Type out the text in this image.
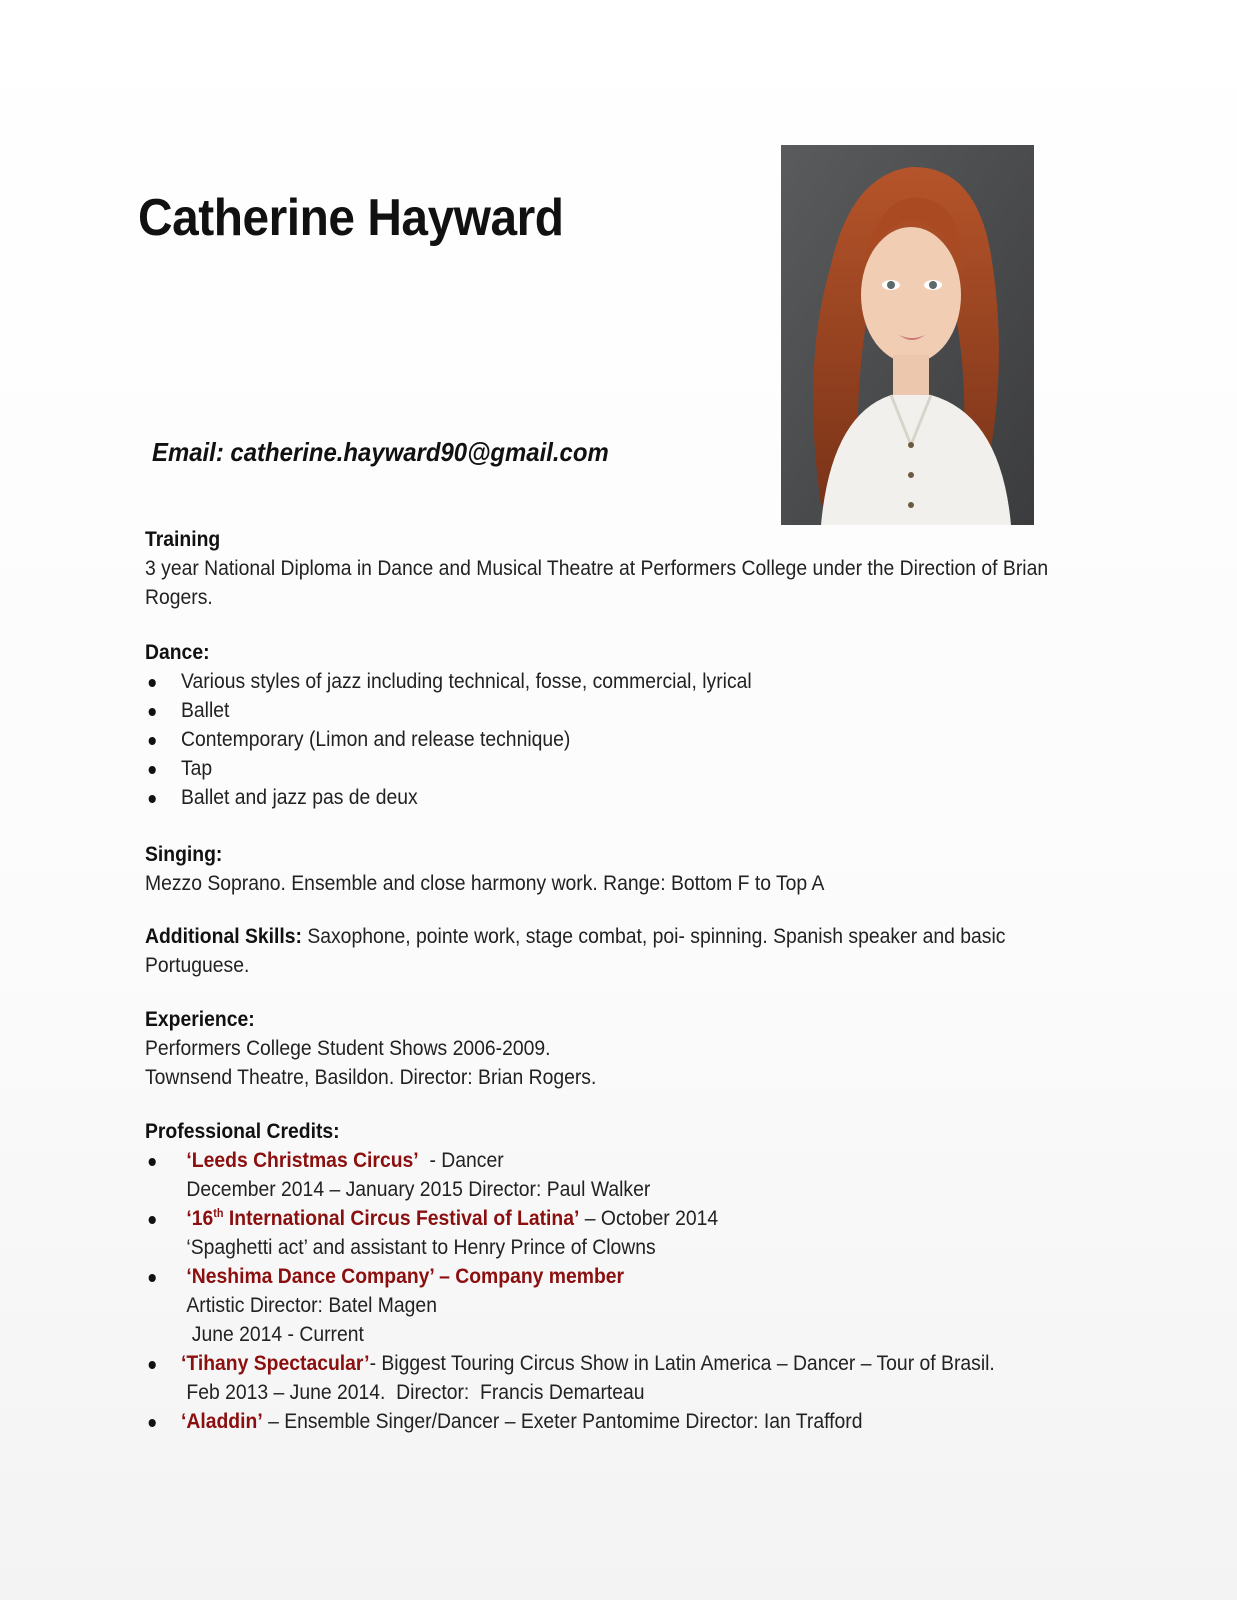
Catherine Hayward
Email: catherine.hayward90@gmail.com
Training
3 year National Diploma in Dance and Musical Theatre at Performers College under the Direction of Brian Rogers.
Dance:
Various styles of jazz including technical, fosse, commercial, lyrical
Ballet
Contemporary (Limon and release technique)
Tap
Ballet and jazz pas de deux
Singing:
Mezzo Soprano. Ensemble and close harmony work. Range: Bottom F to Top A
Additional Skills: Saxophone, pointe work, stage combat, poi- spinning. Spanish speaker and basic Portuguese.
Experience:
Performers College Student Shows 2006-2009.
Townsend Theatre, Basildon. Director: Brian Rogers.
Professional Credits:
‘Leeds Christmas Circus’  - Dancer
December 2014 – January 2015 Director: Paul Walker
‘16th International Circus Festival of Latina’ – October 2014
‘Spaghetti act’ and assistant to Henry Prince of Clowns
‘Neshima Dance Company’ – Company member
Artistic Director: Batel Magen
June 2014 - Current
‘Tihany Spectacular’- Biggest Touring Circus Show in Latin America – Dancer – Tour of Brasil.
Feb 2013 – June 2014.  Director:  Francis Demarteau
‘Aladdin’ – Ensemble Singer/Dancer – Exeter Pantomime Director: Ian Trafford
